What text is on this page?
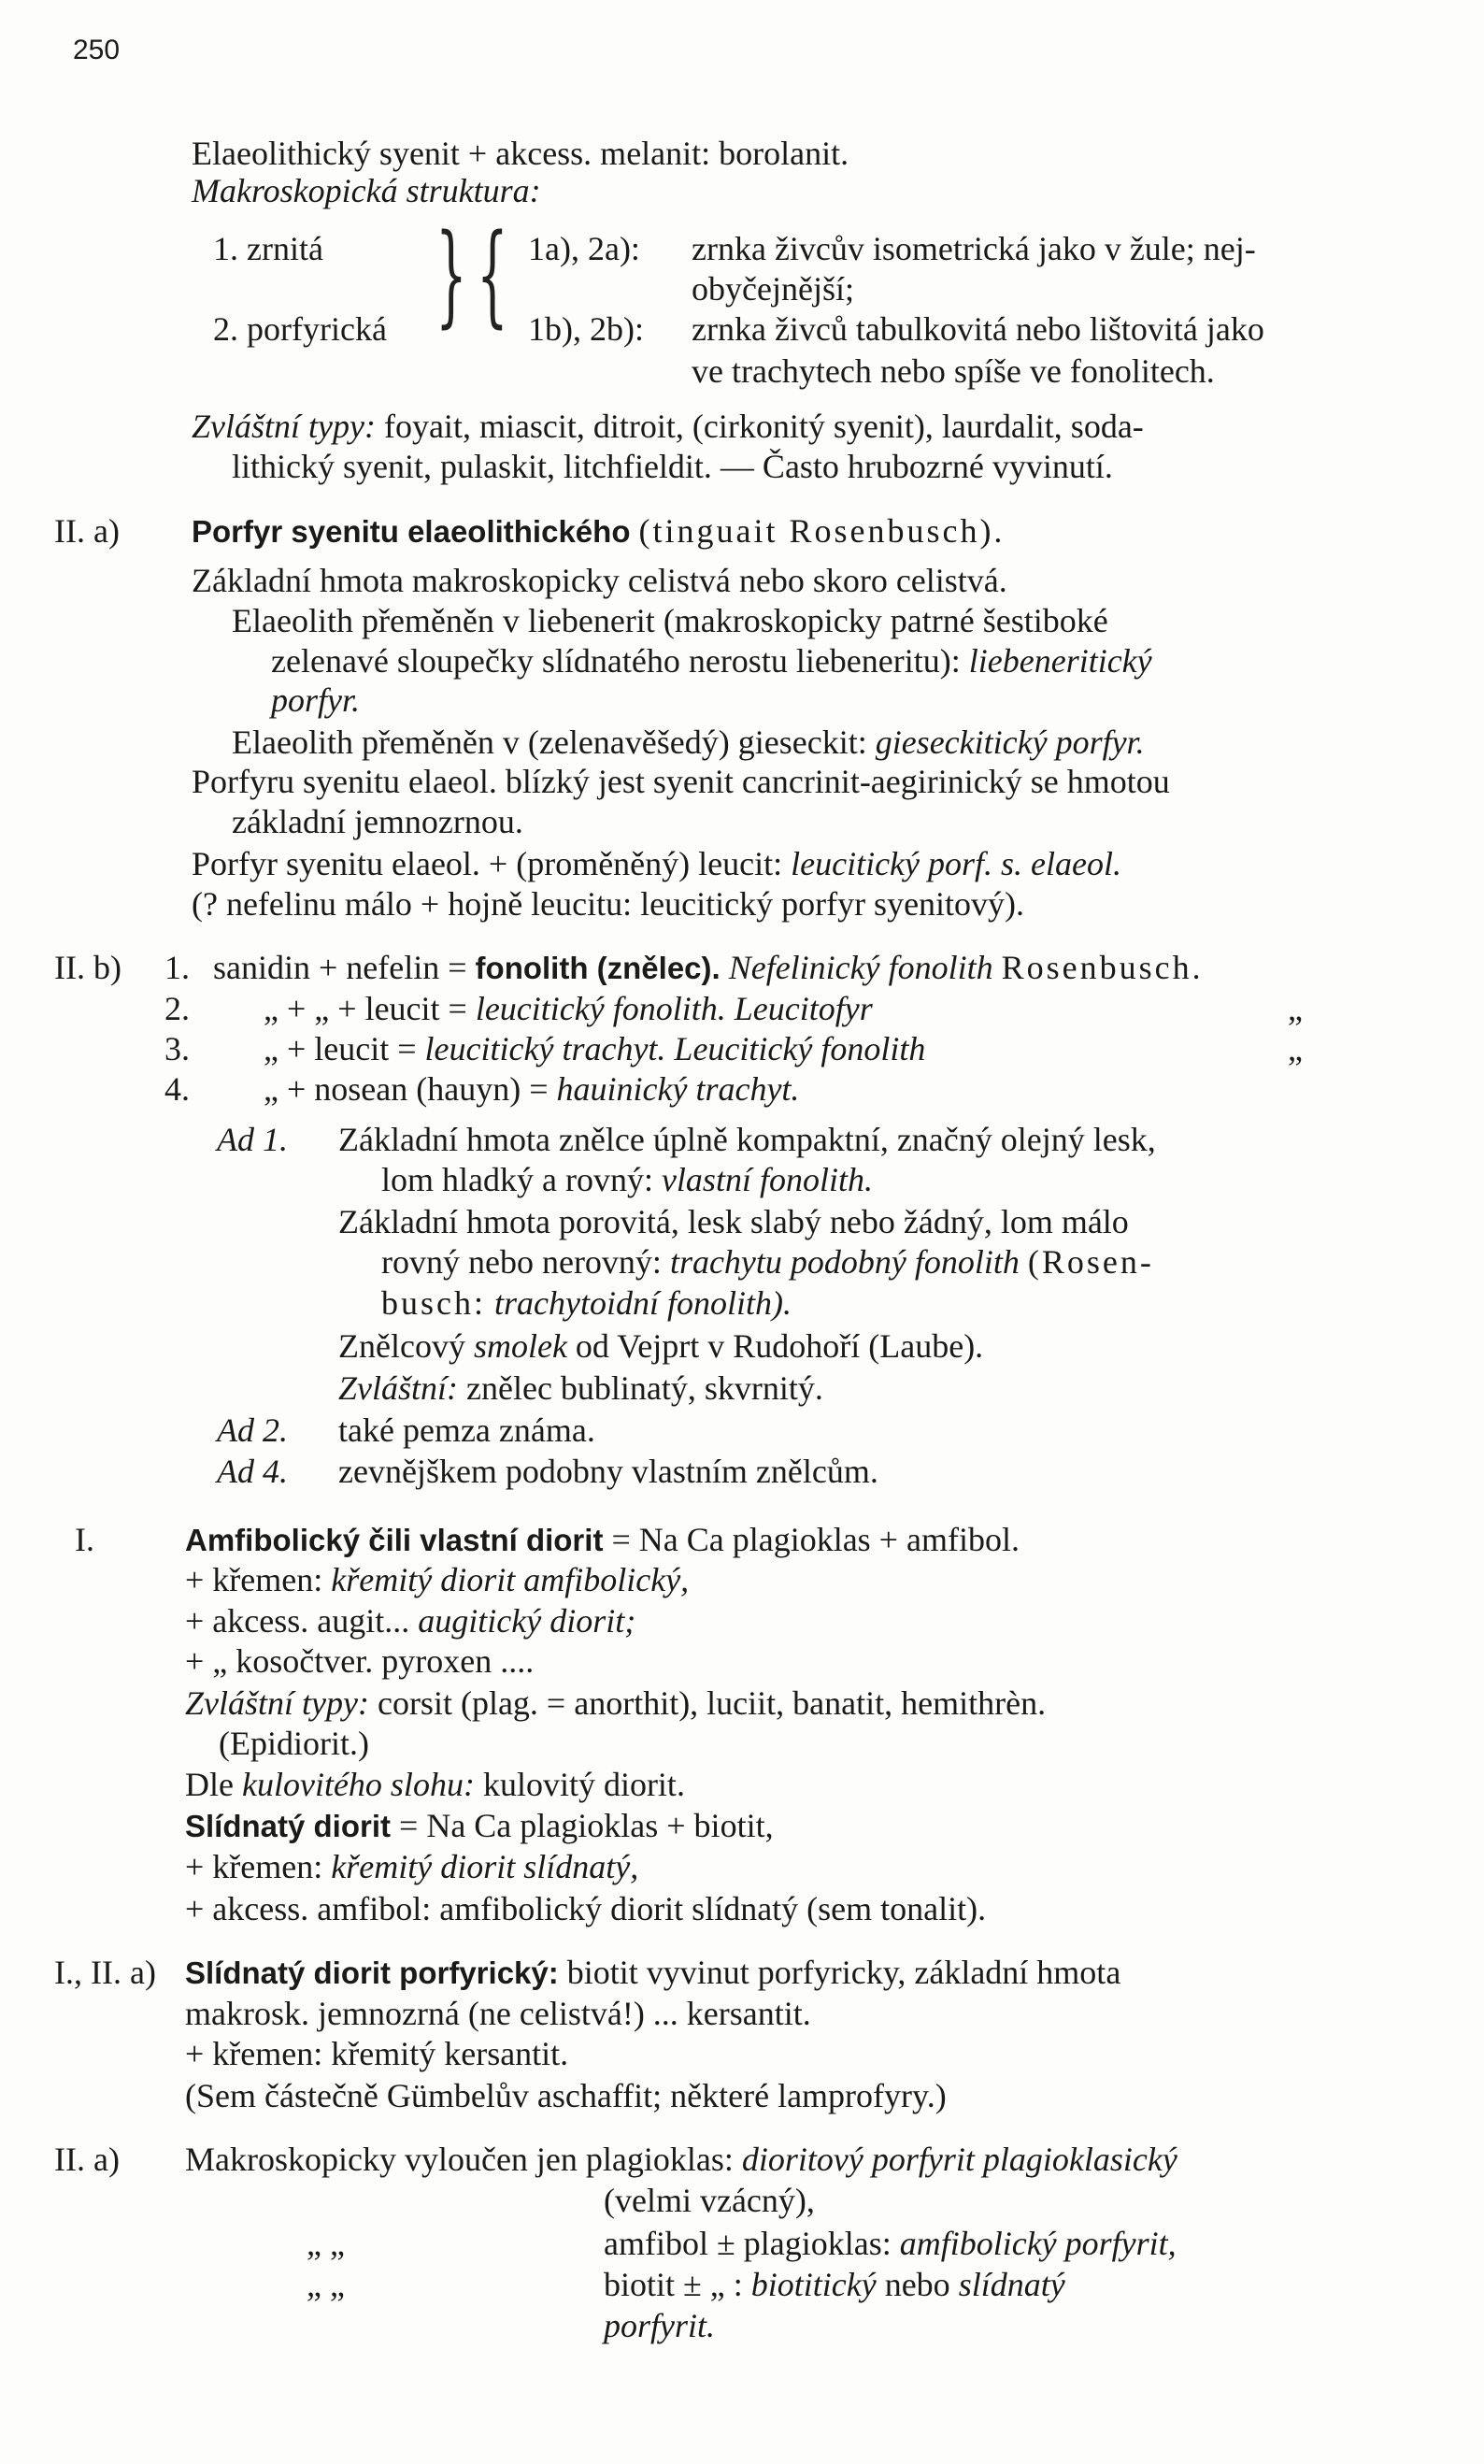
250
Elaeolithický syenit + akcess. melanit: borolanit.
Makroskopická struktura:
1. zrnitá
2. porfyrická } { 1a), 2a): zrnka živcův isometrická jako v žule; nej-
obyčejnější;
1b), 2b): zrnka živců tabulkovitá nebo lištovitá jako
ve trachytech nebo spíše ve fonolitech.
Zvláštní typy: foyait, miascit, ditroit, (cirkonitý syenit), laurdalit, soda-
lithický syenit, pulaskit, litchfieldit. — Často hrubozrné vyvinutí.
II. a) Porfyr syenitu elaeolithického (tinguait Rosenbusch).
Základní hmota makroskopicky celistvá nebo skoro celistvá.
Elaeolith přeměněn v liebenerit (makroskopicky patrné šestiboké
zelenavé sloupečky slídnatého nerostu liebeneritu): liebeneritický
porfyr.
Elaeolith přeměněn v (zelenavěšedý) gieseckit: gieseckitický porfyr.
Porfyru syenitu elaeol. blízký jest syenit cancrinit-aegirinický se hmotou
základní jemnozrnou.
Porfyr syenitu elaeol. + (proměněný) leucit: leucitický porf. s. elaeol.
(? nefelinu málo + hojně leucitu: leucitický porfyr syenitový).
II. b) 1. sanidin + nefelin = fonolith (znělec). Nefelinický fonolith Rosenbusch.
2. „ + „ + leucit = leucitický fonolith. Leucitofyr	„
3. „ + leucit = leucitický trachyt. Leucitický fonolith	„
4. „ + nosean (hauyn) = hauinický trachyt.
Ad 1. Základní hmota znělce úplně kompaktní, značný olejný lesk,
lom hladký a rovný: vlastní fonolith.
Základní hmota porovitá, lesk slabý nebo žádný, lom málo
rovný nebo nerovný: trachytu podobný fonolith (Rosen-
busch: trachytoidní fonolith).
Znělcový smolek od Vejprt v Rudohoří (Laube).
Zvláštní: znělec bublinatý, skvrnitý.
Ad 2. také pemza známa.
Ad 4. zevnějškem podobny vlastním znělcům.
I.	Amfibolický čili vlastní diorit = Na Ca plagioklas + amfibol.
+ křemen: křemitý diorit amfibolický,
+ akcess. augit... augitický diorit;
+ „ kosočtver. pyroxen ....
Zvláštní typy: corsit (plag. = anorthit), luciit, banatit, hemithrèn.
(Epidiorit.)
Dle kulovitého slohu: kulovitý diorit.
Slídnatý diorit = Na Ca plagioklas + biotit,
+ křemen: křemitý diorit slídnatý,
+ akcess. amfibol: amfibolický diorit slídnatý (sem tonalit).
I., II. a) Slídnatý diorit porfyrický: biotit vyvinut porfyricky, základní hmota
makrosk. jemnozrná (ne celistvá!) ... kersantit.
+ křemen: křemitý kersantit.
(Sem částečně Gümbelův aschaffit; některé lamprofyry.)
II. a) Makroskopicky vyloučen jen plagioklas: dioritový porfyrit plagioklasický
(velmi vzácný),
„ „	amfibol ± plagioklas: amfibolický porfyrit,
„ „	biotit ± „ : biotitický nebo slídnatý
porfyrit.
